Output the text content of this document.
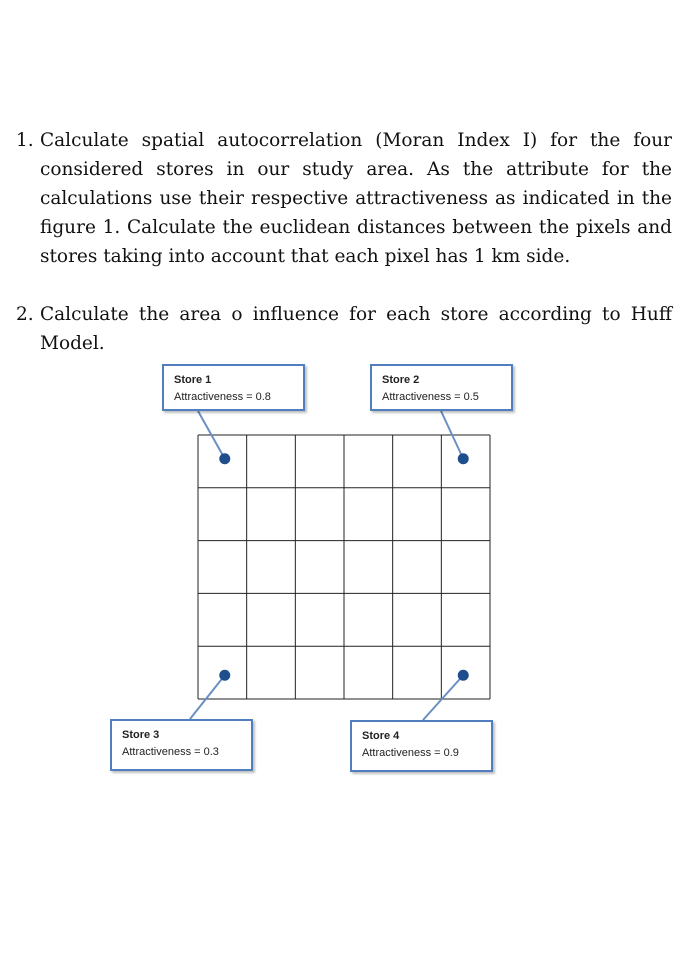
1. Calculate spatial autocorrelation (Moran Index I) for the four considered stores in our study area. As the attribute for the calculations use their respective attractiveness as indicated in the figure 1. Calculate the euclidean distances between the pixels and stores taking into account that each pixel has 1 km side.
2. Calculate the area o influence for each store according to Huff Model.
Store 1
Attractiveness = 0.8
Store 2
Attractiveness = 0.5
Store 3
Attractiveness = 0.3
Store 4
Attractiveness = 0.9
